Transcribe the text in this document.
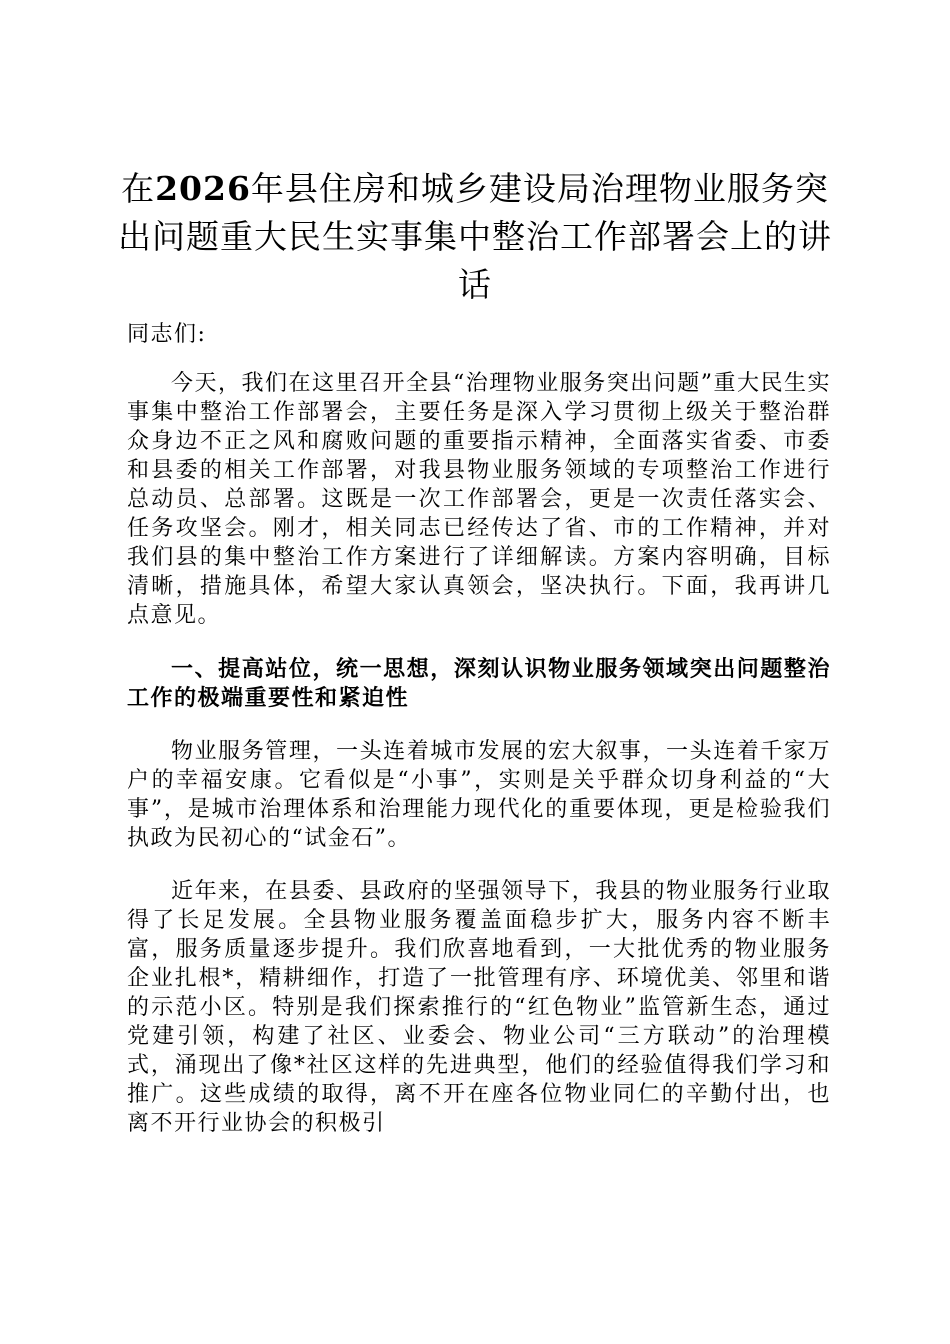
在2026年县住房和城乡建设局治理物业服务突出问题重大民生实事集中整治工作部署会上的讲话

同志们:

今天，我们在这里召开全县“治理物业服务突出问题”重大民生实事集中整治工作部署会，主要任务是深入学习贯彻上级关于整治群众身边不正之风和腐败问题的重要指示精神，全面落实省委、市委和县委的相关工作部署，对我县物业服务领域的专项整治工作进行总动员、总部署。这既是一次工作部署会，更是一次责任落实会、任务攻坚会。刚才，相关同志已经传达了省、市的工作精神，并对我们县的集中整治工作方案进行了详细解读。方案内容明确，目标清晰，措施具体，希望大家认真领会，坚决执行。下面，我再讲几点意见。

一、提高站位，统一思想，深刻认识物业服务领域突出问题整治工作的极端重要性和紧迫性

物业服务管理，一头连着城市发展的宏大叙事，一头连着千家万户的幸福安康。它看似是“小事”，实则是关乎群众切身利益的“大事”，是城市治理体系和治理能力现代化的重要体现，更是检验我们执政为民初心的“试金石”。

近年来，在县委、县政府的坚强领导下，我县的物业服务行业取得了长足发展。全县物业服务覆盖面稳步扩大，服务内容不断丰富，服务质量逐步提升。我们欣喜地看到，一大批优秀的物业服务企业扎根*，精耕细作，打造了一批管理有序、环境优美、邻里和谐的示范小区。特别是我们探索推行的“红色物业”监管新生态，通过党建引领，构建了社区、业委会、物业公司“三方联动”的治理模式，涌现出了像*社区这样的先进典型，他们的经验值得我们学习和推广。这些成绩的取得，离不开在座各位物业同仁的辛勤付出，也离不开行业协会的积极引
